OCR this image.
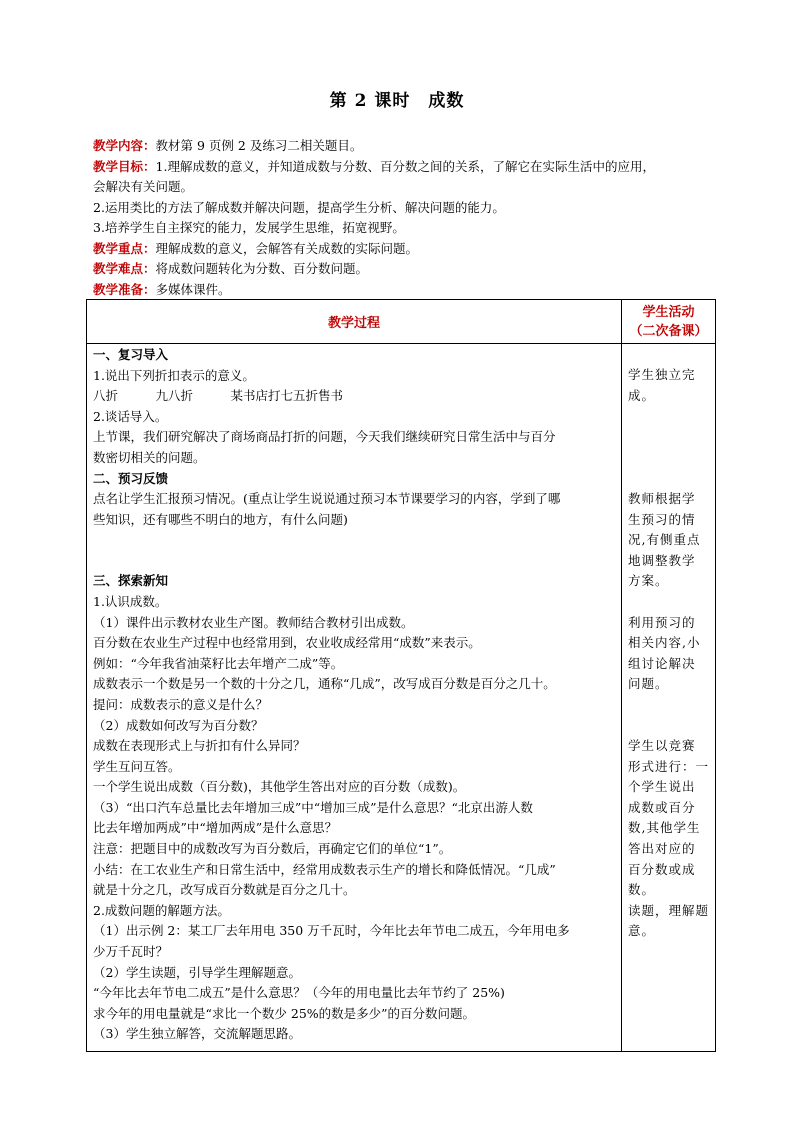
第 2 课时 成数

教学内容：教材第 9 页例 2 及练习二相关题目。

教学目标：1.理解成数的意义，并知道成数与分数、百分数之间的关系，了解它在实际生活中的应用，

会解决有关问题。

2.运用类比的方法了解成数并解决问题，提高学生分析、解决问题的能力。

3.培养学生自主探究的能力，发展学生思维，拓宽视野。

教学重点：理解成数的意义，会解答有关成数的实际问题。

教学难点：将成数问题转化为分数、百分数问题。

教学准备：多媒体课件。

教学过程
学生活动
（二次备课）

一、复习导入

1.说出下列折扣表示的意义。

八折　　　九八折　　　某书店打七五折售书

2.谈话导入。

上节课，我们研究解决了商场商品打折的问题，今天我们继续研究日常生活中与百分

数密切相关的问题。

二、预习反馈

点名让学生汇报预习情况。(重点让学生说说通过预习本节课要学习的内容，学到了哪

些知识，还有哪些不明白的地方，有什么问题)

三、探索新知

1.认识成数。

（1）课件出示教材农业生产图。教师结合教材引出成数。

百分数在农业生产过程中也经常用到，农业收成经常用“成数”来表示。

例如：“今年我省油菜籽比去年增产二成”等。

成数表示一个数是另一个数的十分之几，通称“几成”，改写成百分数是百分之几十。

提问：成数表示的意义是什么？

（2）成数如何改写为百分数？

成数在表现形式上与折扣有什么异同？

学生互问互答。

一个学生说出成数（百分数)，其他学生答出对应的百分数（成数)。

（3）“出口汽车总量比去年增加三成”中“增加三成”是什么意思？“北京出游人数

比去年增加两成”中“增加两成”是什么意思？

注意：把题目中的成数改写为百分数后，再确定它们的单位“1”。

小结：在工农业生产和日常生活中，经常用成数表示生产的增长和降低情况。“几成”

就是十分之几，改写成百分数就是百分之几十。

2.成数问题的解题方法。

（1）出示例 2：某工厂去年用电 350 万千瓦时，今年比去年节电二成五，今年用电多

少万千瓦时？

（2）学生读题，引导学生理解题意。

“今年比去年节电二成五”是什么意思？（今年的用电量比去年节约了 25%)

求今年的用电量就是“求比一个数少 25%的数是多少”的百分数问题。

（3）学生独立解答，交流解题思路。

学生独立完

成。

教师根据学

生预习的情

况,有侧重点

地调整教学

方案。

利用预习的

相关内容,小

组讨论解决

问题。

学生以竞赛

形式进行：一

个学生说出

成数或百分

数,其他学生

答出对应的

百分数或成

数。

读题，理解题

意。
